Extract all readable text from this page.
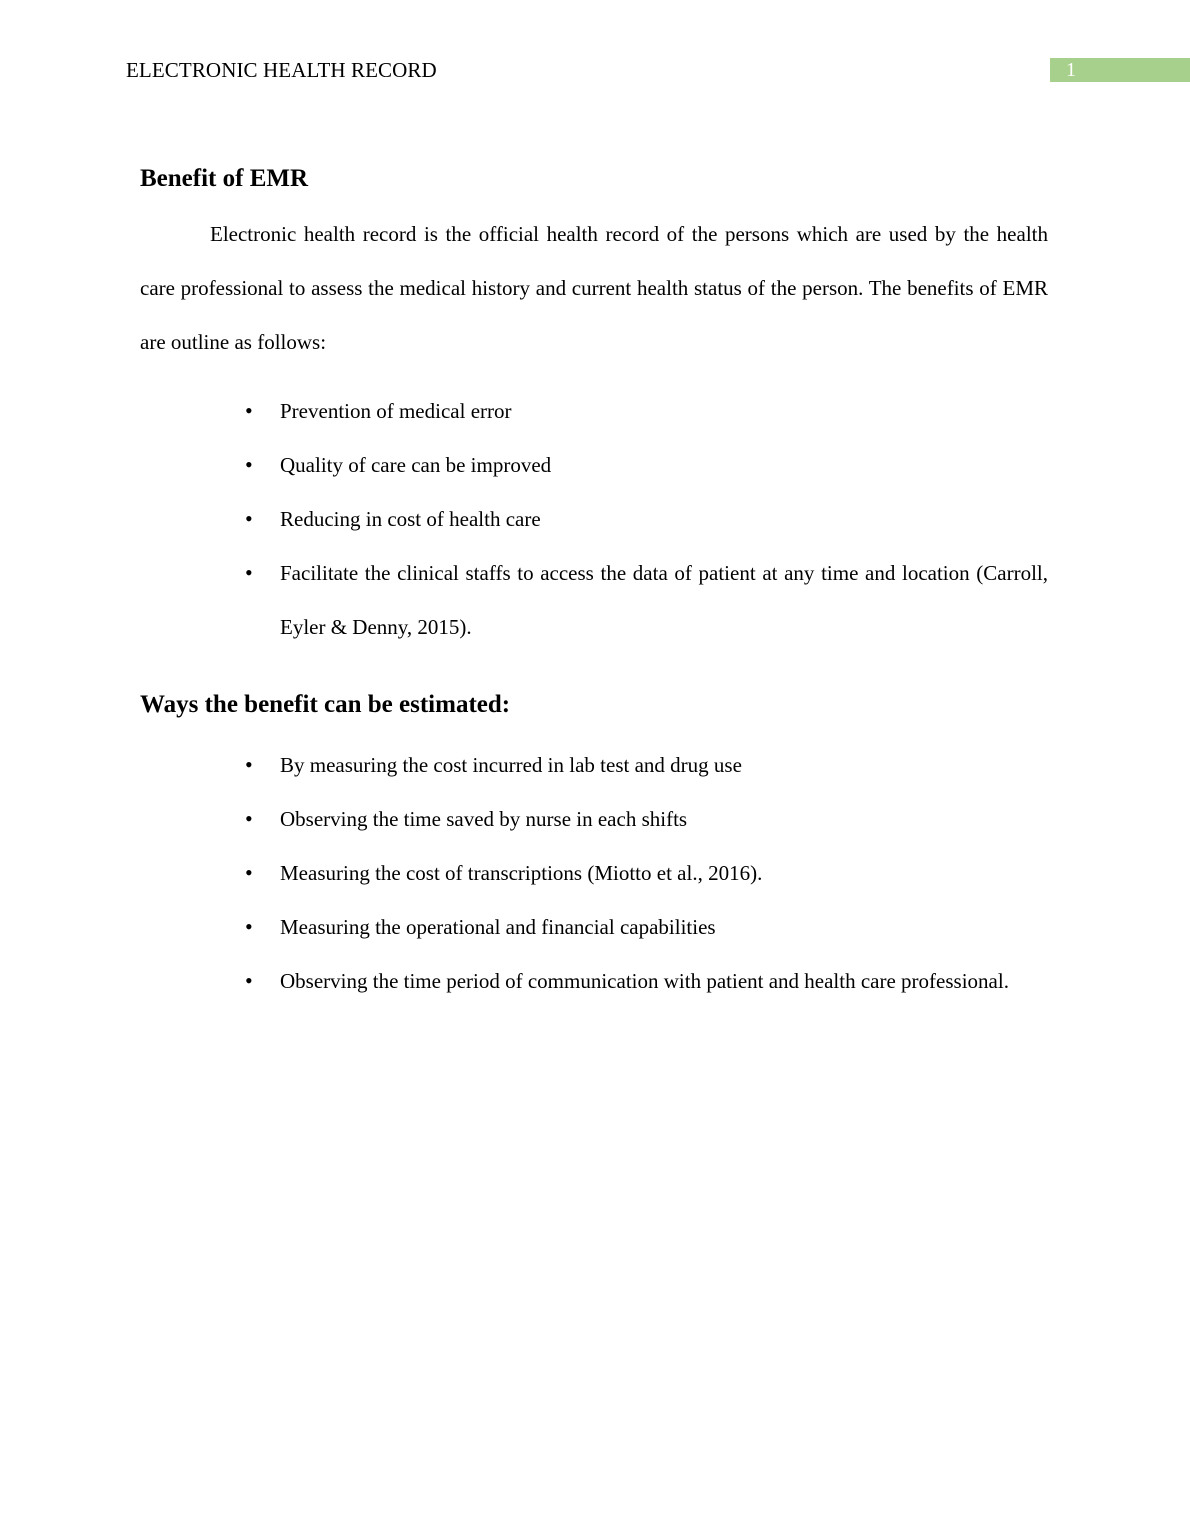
ELECTRONIC HEALTH RECORD	1
Benefit of EMR

Electronic health record is the official health record of the persons which are used by the health care professional to assess the medical history and current health status of the person. The benefits of EMR are outline as follows:

• Prevention of medical error
• Quality of care can be improved
• Reducing in cost of health care
• Facilitate the clinical staffs to access the data of patient at any time and location (Carroll, Eyler & Denny, 2015).
Ways the benefit can be estimated:
• By measuring the cost incurred in lab test and drug use
• Observing the time saved by nurse in each shifts
• Measuring the cost of transcriptions (Miotto et al., 2016).
• Measuring the operational and financial capabilities
• Observing the time period of communication with patient and health care professional.
